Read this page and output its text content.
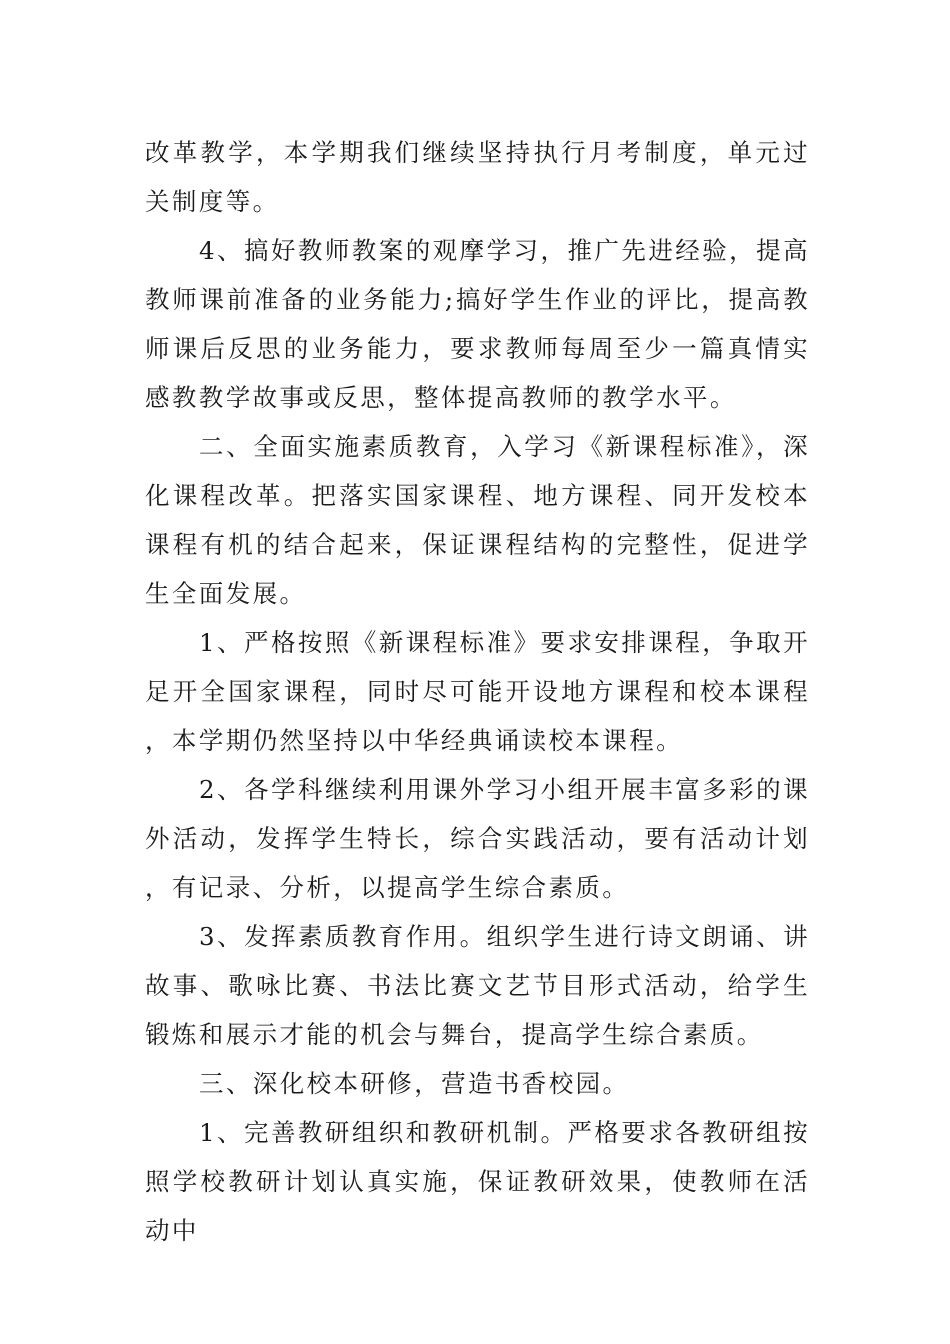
改革教学，本学期我们继续坚持执行月考制度，单元过关制度等。

4、搞好教师教案的观摩学习，推广先进经验，提高教师课前准备的业务能力;搞好学生作业的评比，提高教师课后反思的业务能力，要求教师每周至少一篇真情实感教教学故事或反思，整体提高教师的教学水平。

二、全面实施素质教育，入学习《新课程标准》，深化课程改革。把落实国家课程、地方课程、同开发校本课程有机的结合起来，保证课程结构的完整性，促进学生全面发展。

1、严格按照《新课程标准》要求安排课程，争取开足开全国家课程，同时尽可能开设地方课程和校本课程，本学期仍然坚持以中华经典诵读校本课程。

2、各学科继续利用课外学习小组开展丰富多彩的课外活动，发挥学生特长，综合实践活动，要有活动计划，有记录、分析，以提高学生综合素质。

3、发挥素质教育作用。组织学生进行诗文朗诵、讲故事、歌咏比赛、书法比赛文艺节目形式活动，给学生锻炼和展示才能的机会与舞台，提高学生综合素质。

三、深化校本研修，营造书香校园。

1、完善教研组织和教研机制。严格要求各教研组按照学校教研计划认真实施，保证教研效果，使教师在活动中
